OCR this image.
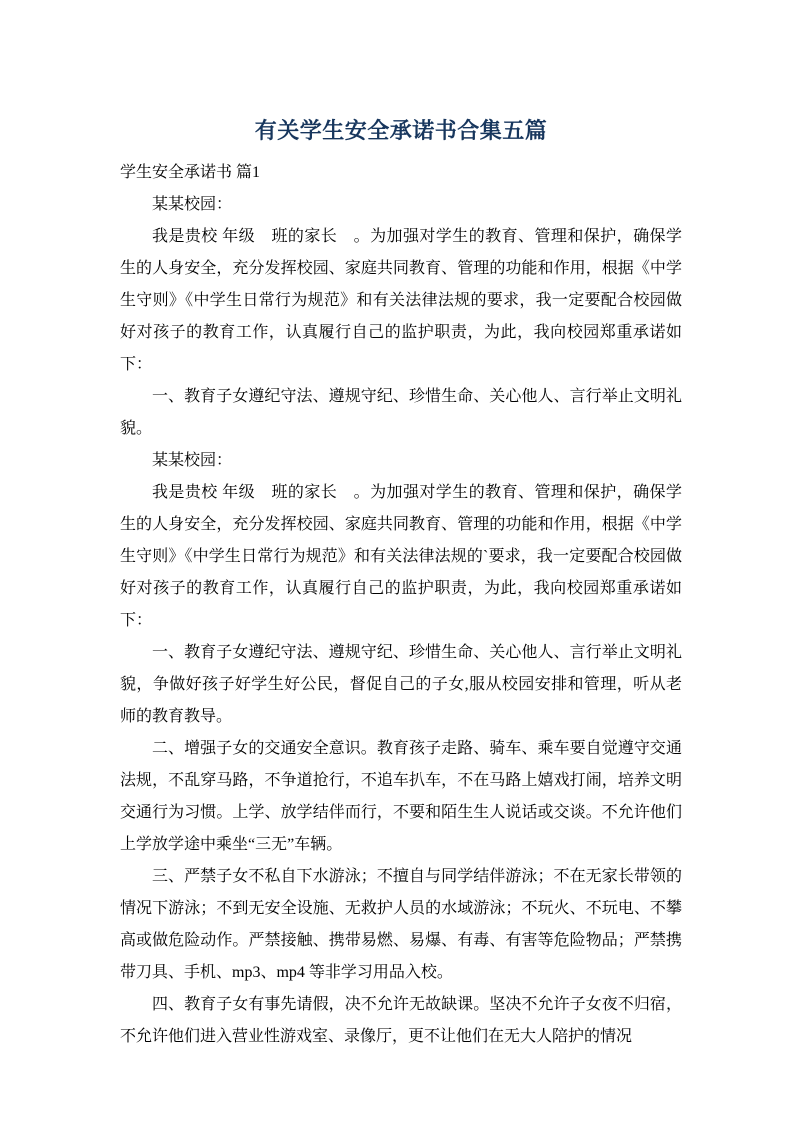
有关学生安全承诺书合集五篇

学生安全承诺书 篇1

某某校园：

我是贵校 年级　班的家长　。为加强对学生的教育、管理和保护，确保学生的人身安全，充分发挥校园、家庭共同教育、管理的功能和作用，根据《中学生守则》《中学生日常行为规范》和有关法律法规的要求，我一定要配合校园做好对孩子的教育工作，认真履行自己的监护职责，为此，我向校园郑重承诺如下：

一、教育子女遵纪守法、遵规守纪、珍惜生命、关心他人、言行举止文明礼貌。

某某校园：

我是贵校 年级　班的家长　。为加强对学生的教育、管理和保护，确保学生的人身安全，充分发挥校园、家庭共同教育、管理的功能和作用，根据《中学生守则》《中学生日常行为规范》和有关法律法规的`要求，我一定要配合校园做好对孩子的教育工作，认真履行自己的监护职责，为此，我向校园郑重承诺如下：

一、教育子女遵纪守法、遵规守纪、珍惜生命、关心他人、言行举止文明礼貌，争做好孩子好学生好公民，督促自己的子女,服从校园安排和管理，听从老师的教育教导。

二、增强子女的交通安全意识。教育孩子走路、骑车、乘车要自觉遵守交通法规，不乱穿马路，不争道抢行，不追车扒车，不在马路上嬉戏打闹，培养文明交通行为习惯。上学、放学结伴而行，不要和陌生生人说话或交谈。不允许他们上学放学途中乘坐“三无”车辆。

三、严禁子女不私自下水游泳；不擅自与同学结伴游泳；不在无家长带领的情况下游泳；不到无安全设施、无救护人员的水域游泳；不玩火、不玩电、不攀高或做危险动作。严禁接触、携带易燃、易爆、有毒、有害等危险物品；严禁携带刀具、手机、mp3、mp4 等非学习用品入校。

四、教育子女有事先请假，决不允许无故缺课。坚决不允许子女夜不归宿，不允许他们进入营业性游戏室、录像厅，更不让他们在无大人陪护的情况
